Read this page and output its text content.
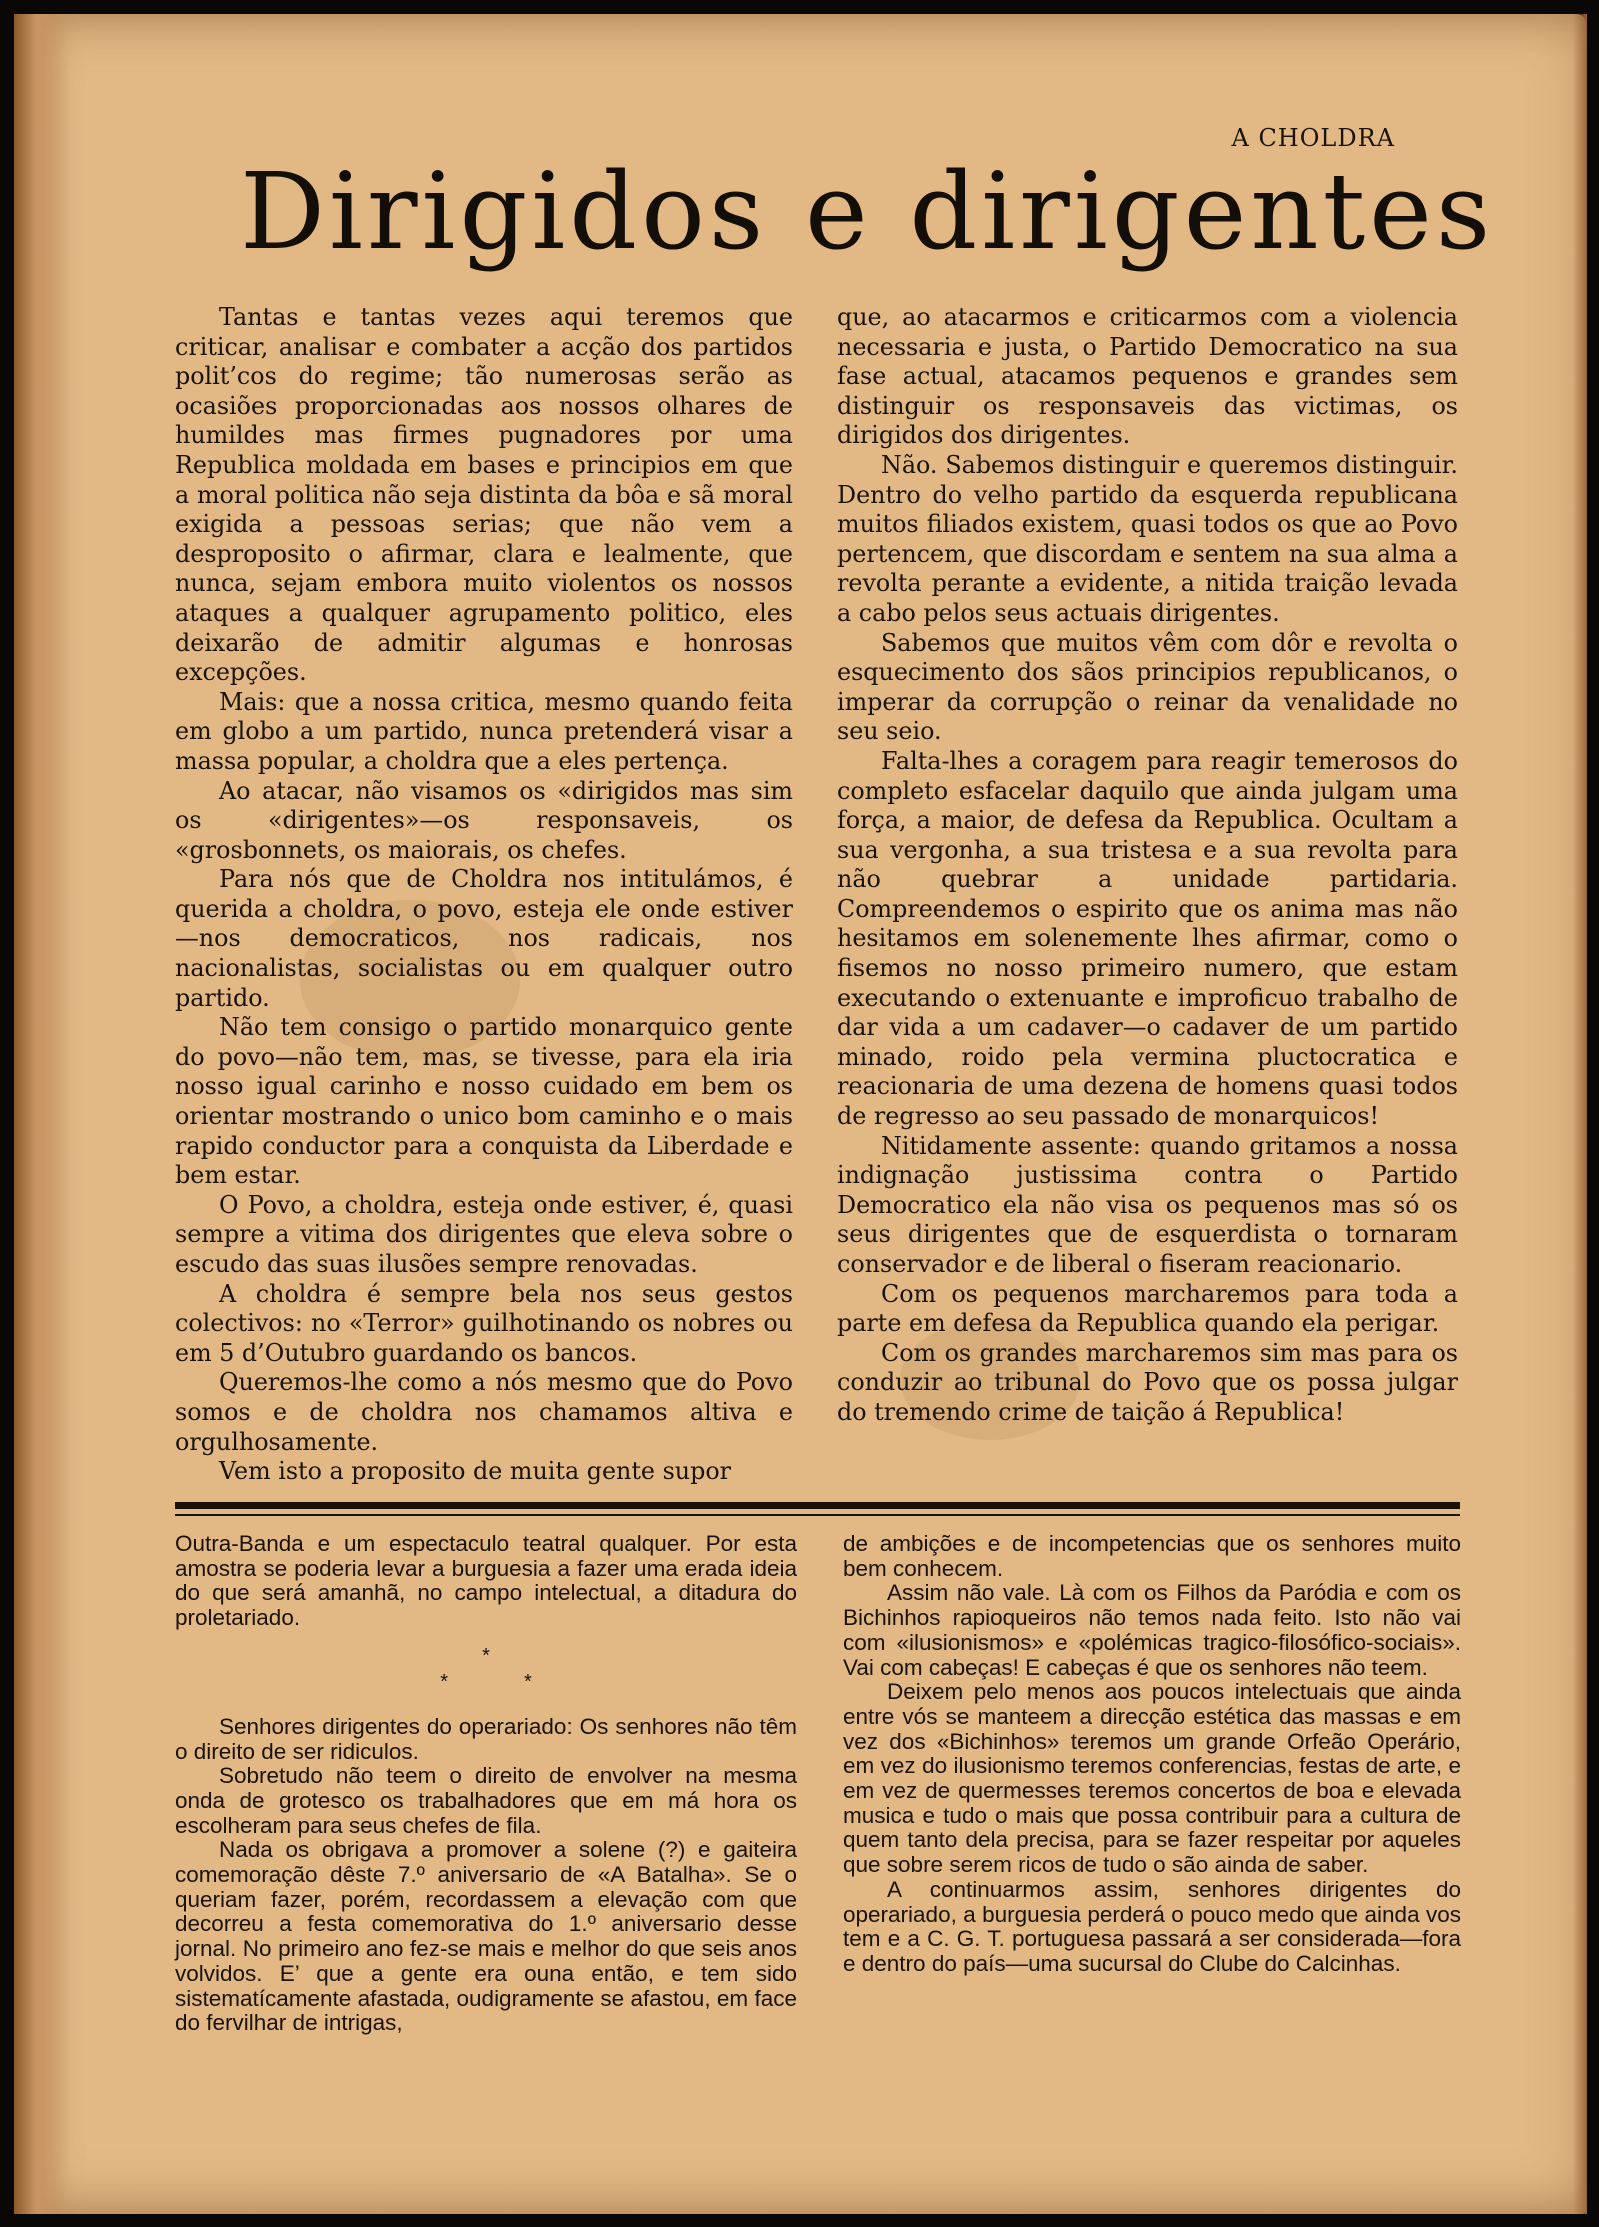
A CHOLDRA
Dirigidos e dirigentes

Tantas e tantas vezes aqui teremos que criticar, analisar e combater a acção dos partidos polit’cos do regime; tão numerosas serão as ocasiões proporcionadas aos nossos olhares de humildes mas firmes pugnadores por uma Republica moldada em bases e principios em que a moral politica não seja distinta da bôa e sã moral exigida a pessoas serias; que não vem a desproposito o afirmar, clara e lealmente, que nunca, sejam embora muito violentos os nossos ataques a qualquer agrupamento politico, eles deixarão de admitir algumas e honrosas excepções.

Mais: que a nossa critica, mesmo quando feita em globo a um partido, nunca pretenderá visar a massa popular, a choldra que a eles pertença.

Ao atacar, não visamos os «dirigidos mas sim os «dirigentes»—os responsaveis, os «grosbonnets, os maiorais, os chefes.

Para nós que de Choldra nos intitulámos, é querida a choldra, o povo, esteja ele onde estiver —nos democraticos, nos radicais, nos nacionalistas, socialistas ou em qualquer outro partido.

Não tem consigo o partido monarquico gente do povo—não tem, mas, se tivesse, para ela iria nosso igual carinho e nosso cuidado em bem os orientar mostrando o unico bom caminho e o mais rapido conductor para a conquista da Liberdade e bem estar.

O Povo, a choldra, esteja onde estiver, é, quasi sempre a vitima dos dirigentes que eleva sobre o escudo das suas ilusões sempre renovadas.

A choldra é sempre bela nos seus gestos colectivos: no «Terror» guilhotinando os nobres ou em 5 d’Outubro guardando os bancos.

Queremos-lhe como a nós mesmo que do Povo somos e de choldra nos chamamos altiva e orgulhosamente.

Vem isto a proposito de muita gente supor

que, ao atacarmos e criticarmos com a violencia necessaria e justa, o Partido Democratico na sua fase actual, atacamos pequenos e grandes sem distinguir os responsaveis das victimas, os dirigidos dos dirigentes.

Não. Sabemos distinguir e queremos distinguir. Dentro do velho partido da esquerda republicana muitos filiados existem, quasi todos os que ao Povo pertencem, que discordam e sentem na sua alma a revolta perante a evidente, a nitida traição levada a cabo pelos seus actuais dirigentes.

Sabemos que muitos vêm com dôr e revolta o esquecimento dos sãos principios republicanos, o imperar da corrupção o reinar da venalidade no seu seio.

Falta-lhes a coragem para reagir temerosos do completo esfacelar daquilo que ainda julgam uma força, a maior, de defesa da Republica. Ocultam a sua vergonha, a sua tristesa e a sua revolta para não quebrar a unidade partidaria. Compreendemos o espirito que os anima mas não hesitamos em solenemente lhes afirmar, como o fisemos no nosso primeiro numero, que estam executando o extenuante e improficuo trabalho de dar vida a um cadaver—o cadaver de um partido minado, roido pela vermina pluctocratica e reacionaria de uma dezena de homens quasi todos de regresso ao seu passado de monarquicos!

Nitidamente assente: quando gritamos a nossa indignação justissima contra o Partido Democratico ela não visa os pequenos mas só os seus dirigentes que de esquerdista o tornaram conservador e de liberal o fiseram reacionario.

Com os pequenos marcharemos para toda a parte em defesa da Republica quando ela perigar.

Com os grandes marcharemos sim mas para os conduzir ao tribunal do Povo que os possa julgar do tremendo crime de taição á Republica!

Outra-Banda e um espectaculo teatral qualquer. Por esta amostra se poderia levar a burguesia a fazer uma erada ideia do que será amanhã, no campo intelectual, a ditadura do proletariado.

*
*	*

Senhores dirigentes do operariado: Os senhores não têm o direito de ser ridiculos.

Sobretudo não teem o direito de envolver na mesma onda de grotesco os trabalhadores que em má hora os escolheram para seus chefes de fila.

Nada os obrigava a promover a solene (?) e gaiteira comemoração dêste 7.º aniversario de «A Batalha». Se o queriam fazer, porém, recordassem a elevação com que decorreu a festa comemorativa do 1.º aniversario desse jornal. No primeiro ano fez-se mais e melhor do que seis anos volvidos. E’ que a gente era ouna então, e tem sido sistematícamente afastada, oudigramente se afastou, em face do fervilhar de intrigas,

de ambições e de incompetencias que os senhores muito bem conhecem.

Assim não vale. Là com os Filhos da Paródia e com os Bichinhos rapioqueiros não temos nada feito. Isto não vai com «ilusionismos» e «polémicas tragico-filosófico-sociais». Vai com cabeças! E cabeças é que os senhores não teem.

Deixem pelo menos aos poucos intelectuais que ainda entre vós se manteem a direcção estética das massas e em vez dos «Bichinhos» teremos um grande Orfeão Operário, em vez do ilusionismo teremos conferencias, festas de arte, e em vez de quermesses teremos concertos de boa e elevada musica e tudo o mais que possa contribuir para a cultura de quem tanto dela precisa, para se fazer respeitar por aqueles que sobre serem ricos de tudo o são ainda de saber.

A continuarmos assim, senhores dirigentes do operariado, a burguesia perderá o pouco medo que ainda vos tem e a C. G. T. portuguesa passará a ser considerada—fora e dentro do país—uma sucursal do Clube do Calcinhas.
